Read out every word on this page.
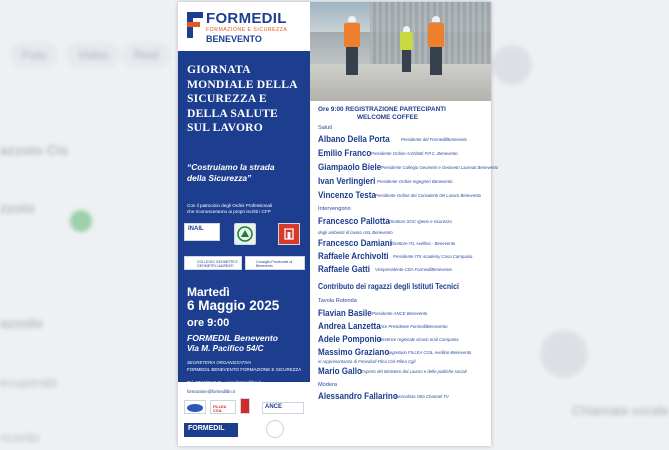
Foto	Video	Reel
azzolo Cis
zzolo
azzolo
ecuperabi
ricordo
Chiamata vocale
FORMEDIL
FORMAZIONE E SICUREZZA
BENEVENTO
GIORNATA
MONDIALE DELLA
SICUREZZA E
DELLA SALUTE
SUL LAVORO
“Costruiamo la strada
della Sicurezza”
Con il patrocinio degli Ordini Professionali
che riconosceranno ai propri iscritti i CFP
INAIL
COLLEGIO GEOMETRI E GEOMETRI LAUREATI
Consiglio Provinciale di Benevento
Martedì
6 Maggio 2025
ore 9:00
FORMEDIL Benevento
Via M. Pacifico 54/C
SEGRETERIA ORGANIZZATIVA
FORMEDIL BENEVENTO FORMAZIONE E SICUREZZA
Tel. 0824/364149 - www.formedilbn.it
formazione@formedilbn.it
FILLEA CGIL
ANCE
FORMEDIL
Ore 9:00 REGISTRAZIONE PARTECIPANTI
WELCOME COFFEE
Saluti
Albano Della Porta	Presidente del FormedilBenevento
Emilio Franco Presidente Ordine Architetti P.P.C. Benevento
Giampaolo Biele Presidente Collegio Geometri e Geometri Laureati Benevento
Ivan Verlingieri Presidente Ordine Ingegneri Benevento
Vincenzo Testa Presidente Ordine dei Consulenti del Lavoro Benevento
Intervengono
Francesco Pallotta Direttore SOC Igiene e sicurezza
degli ambienti di lavoro ASL Benevento
Francesco Damiani Direttore ITL Avellino - Benevento
Raffaele Archivolti Presidente ITS Academy Casa Campania
Raffaele Gatti Vicepresidente CDA FormedilBenevento
Contributo dei ragazzi degli Istituti Tecnici
Tavola Rotonda
Flavian Basile Presidente ANCE Benevento
Andrea Lanzetta
Vice Presidente FormedilBenevento
Adele Pomponio
Direttrice regionale vicario Inail Campania
Massimo Graziano
Segretario FILLEA CGIL Avellino-Benevento
in rappresentanza di FenealUil-Filca Cisl-Fillea Cgil
Mario Gallo Esperto del Ministero del Lavoro e delle politiche sociali
Modera
Alessandro Fallarino
Giornalista Otto Channel TV
